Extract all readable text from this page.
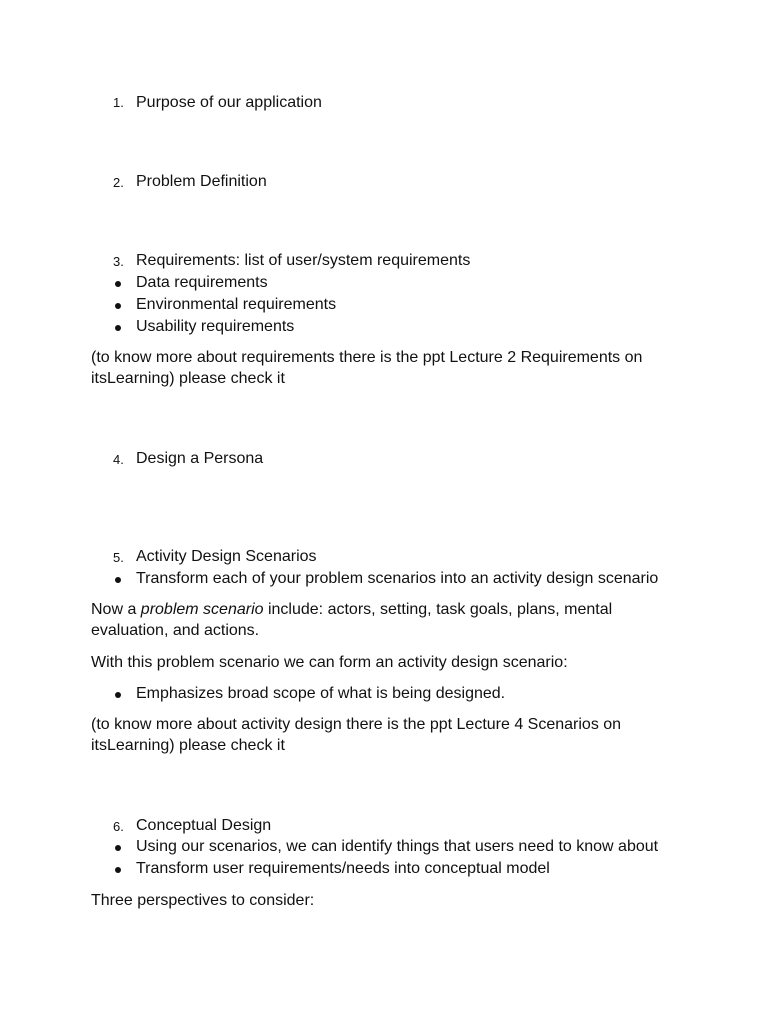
1. Purpose of our application
2. Problem Definition
3. Requirements: list of user/system requirements
Data requirements
Environmental requirements
Usability requirements
(to know more about requirements there is the ppt Lecture 2 Requirements on
itsLearning) please check it
4. Design a Persona
5. Activity Design Scenarios
Transform each of your problem scenarios into an activity design scenario
Now a problem scenario include: actors, setting, task goals, plans, mental
evaluation, and actions.
With this problem scenario we can form an activity design scenario:
Emphasizes broad scope of what is being designed.
(to know more about activity design there is the ppt Lecture 4 Scenarios on
itsLearning) please check it
6. Conceptual Design
Using our scenarios, we can identify things that users need to know about
Transform user requirements/needs into conceptual model
Three perspectives to consider:
